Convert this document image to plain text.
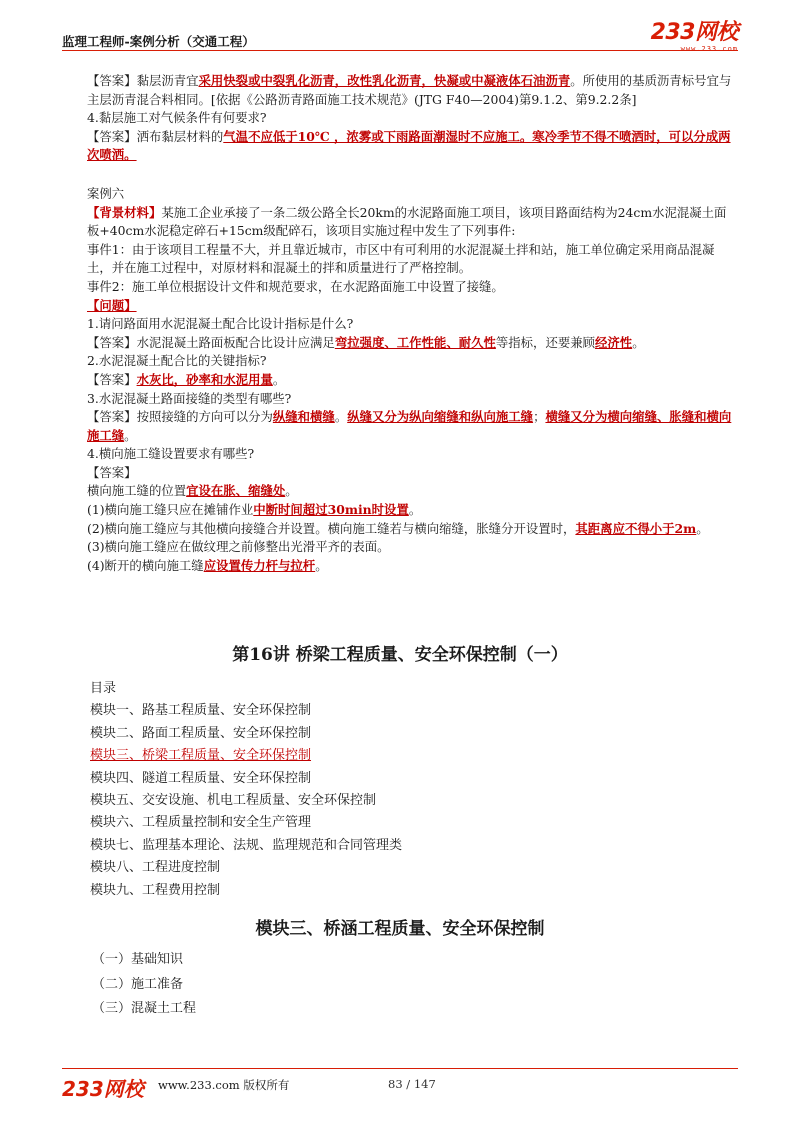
监理工程师-案例分析（交通工程）	233网校
www.233.com

【答案】黏层沥青宜采用快裂或中裂乳化沥青，改性乳化沥青，快凝或中凝液体石油沥青。所使用的基质沥青标号宜与主层沥青混合料相同。[依据《公路沥青路面施工技术规范》(JTG F40—2004)第9.1.2、第9.2.2条]

4.黏层施工对气候条件有何要求?

【答案】洒布黏层材料的气温不应低于10℃ ，浓雾或下雨路面潮湿时不应施工。寒冷季节不得不喷洒时，可以分成两次喷洒。

案例六

【背景材料】某施工企业承接了一条二级公路全长20km的水泥路面施工项目，该项目路面结构为24cm水泥混凝土面板+40cm水泥稳定碎石+15cm级配碎石，该项目实施过程中发生了下列事件:

事件1：由于该项目工程量不大，并且靠近城市，市区中有可利用的水泥混凝土拌和站，施工单位确定采用商品混凝土，并在施工过程中，对原材料和混凝土的拌和质量进行了严格控制。

事件2：施工单位根据设计文件和规范要求，在水泥路面施工中设置了接缝。

【问题】

1.请问路面用水泥混凝土配合比设计指标是什么?

【答案】水泥混凝土路面板配合比设计应满足弯拉强度、工作性能、耐久性等指标，还要兼顾经济性。

2.水泥混凝土配合比的关键指标?

【答案】水灰比，砂率和水泥用量。

3.水泥混凝土路面接缝的类型有哪些?

【答案】按照接缝的方向可以分为纵缝和横缝。纵缝又分为纵向缩缝和纵向施工缝；横缝又分为横向缩缝、胀缝和横向施工缝。

4.横向施工缝设置要求有哪些?

【答案】

横向施工缝的位置宜设在胀、缩缝处。

(1)横向施工缝只应在摊铺作业中断时间超过30min时设置。

(2)横向施工缝应与其他横向接缝合并设置。横向施工缝若与横向缩缝，胀缝分开设置时，其距离应不得小于2m。

(3)横向施工缝应在做纹理之前修整出光滑平齐的表面。

(4)断开的横向施工缝应设置传力杆与拉杆。

第16讲 桥梁工程质量、安全环保控制（一）

目录

模块一、路基工程质量、安全环保控制

模块二、路面工程质量、安全环保控制

模块三、桥梁工程质量、安全环保控制

模块四、隧道工程质量、安全环保控制

模块五、交安设施、机电工程质量、安全环保控制

模块六、工程质量控制和安全生产管理

模块七、监理基本理论、法规、监理规范和合同管理类

模块八、工程进度控制

模块九、工程费用控制

模块三、桥涵工程质量、安全环保控制

（一）基础知识

（二）施工准备

（三）混凝土工程

233网校 www.233.com 版权所有	83 / 147
